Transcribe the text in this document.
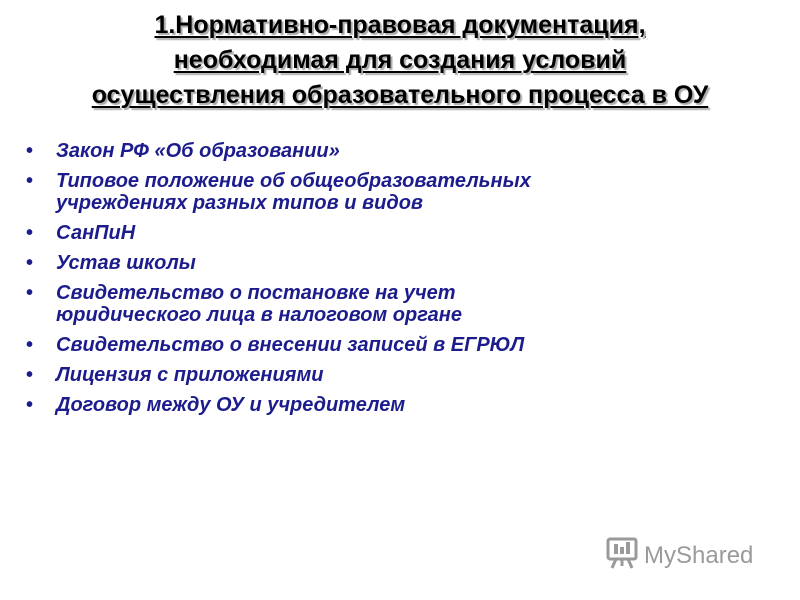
1.Нормативно-правовая документация,
необходимая для создания условий
осуществления образовательного процесса в ОУ
• Закон РФ «Об образовании»
• Типовое положение об общеобразовательных
учреждениях разных типов и видов
• СанПиН
• Устав школы
• Свидетельство о постановке на учет
юридического лица в налоговом органе
• Свидетельство о внесении записей в ЕГРЮЛ
• Лицензия с приложениями
• Договор между ОУ и учредителем
MyShared
